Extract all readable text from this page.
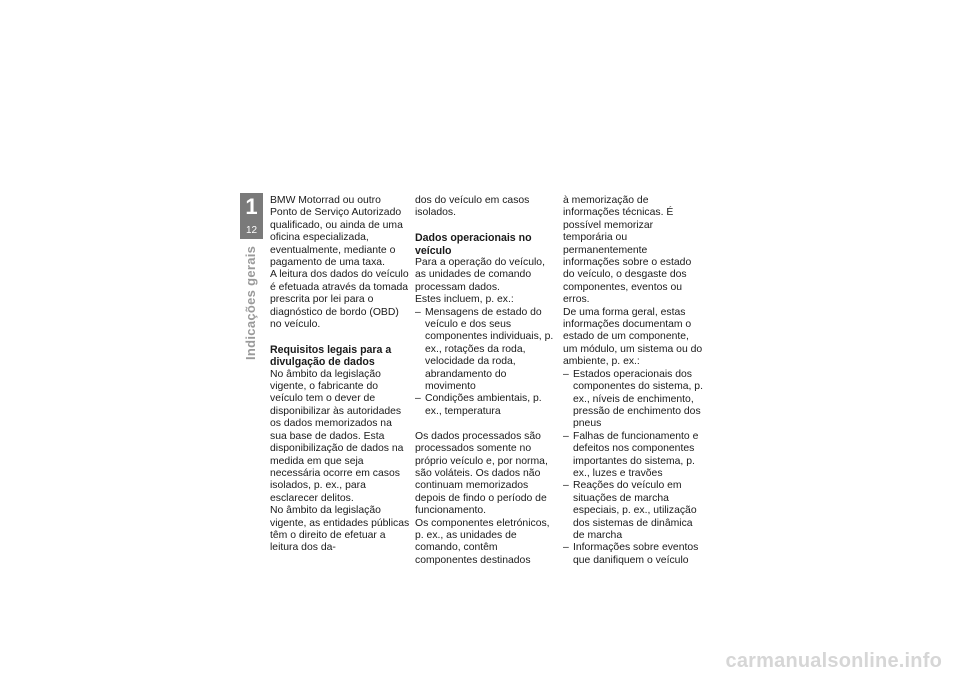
1
12
Indicações gerais

BMW Motorrad ou outro Ponto de Serviço Autorizado qualificado, ou ainda de uma oficina especializada, eventualmente, mediante o pagamento de uma taxa.

A leitura dos dados do veículo é efetuada através da tomada prescrita por lei para o diagnóstico de bordo (OBD) no veículo.

Requisitos legais para a divulgação de dados

No âmbito da legislação vigente, o fabricante do veículo tem o dever de disponibilizar às autoridades os dados memorizados na sua base de dados. Esta disponibilização de dados na medida em que seja necessária ocorre em casos isolados, p. ex., para esclarecer delitos.

No âmbito da legislação vigente, as entidades públicas têm o direito de efetuar a leitura dos da-

dos do veículo em casos isolados.

Dados operacionais no veículo

Para a operação do veículo, as unidades de comando processam dados.

Estes incluem, p. ex.:

– Mensagens de estado do veículo e dos seus componentes individuais, p. ex., rotações da roda, velocidade da roda, abrandamento do movimento
– Condições ambientais, p. ex., temperatura

Os dados processados são processados somente no próprio veículo e, por norma, são voláteis. Os dados não continuam memorizados depois de findo o período de funcionamento.

Os componentes eletrónicos, p. ex., as unidades de comando, contêm componentes destinados

à memorização de informações técnicas. É possível memorizar temporária ou permanentemente informações sobre o estado do veículo, o desgaste dos componentes, eventos ou erros.

De uma forma geral, estas informações documentam o estado de um componente, um módulo, um sistema ou do ambiente, p. ex.:

– Estados operacionais dos componentes do sistema, p. ex., níveis de enchimento, pressão de enchimento dos pneus
– Falhas de funcionamento e defeitos nos componentes importantes do sistema, p. ex., luzes e travões
– Reações do veículo em situações de marcha especiais, p. ex., utilização dos sistemas de dinâmica de marcha
– Informações sobre eventos que danifiquem o veículo
carmanualsonline.info
